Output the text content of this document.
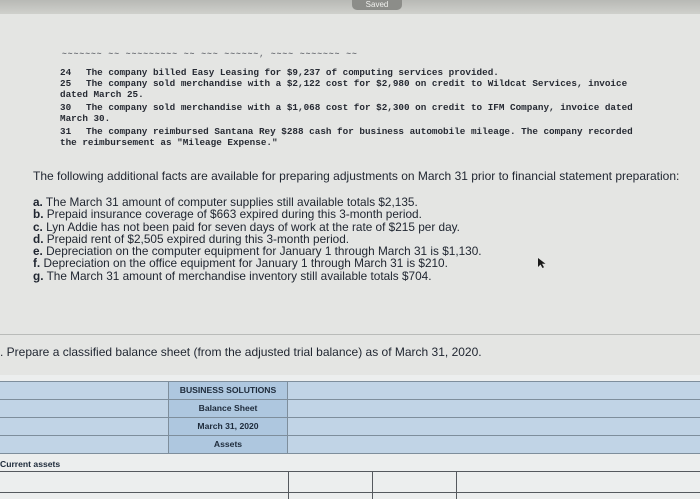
Saved
~~~~~~~ ~~ ~~~~~~~~~ ~~ ~~~ ~~~~~~, ~~~~ ~~~~~~~ ~~
24 The company billed Easy Leasing for $9,237 of computing services provided.
25 The company sold merchandise with a $2,122 cost for $2,980 on credit to Wildcat Services, invoice
dated March 25.
30 The company sold merchandise with a $1,068 cost for $2,300 on credit to IFM Company, invoice dated
March 30.
31 The company reimbursed Santana Rey $288 cash for business automobile mileage. The company recorded
the reimbursement as "Mileage Expense."
The following additional facts are available for preparing adjustments on March 31 prior to financial statement preparation:
a. The March 31 amount of computer supplies still available totals $2,135.
b. Prepaid insurance coverage of $663 expired during this 3-month period.
c. Lyn Addie has not been paid for seven days of work at the rate of $215 per day.
d. Prepaid rent of $2,505 expired during this 3-month period.
e. Depreciation on the computer equipment for January 1 through March 31 is $1,130.
f. Depreciation on the office equipment for January 1 through March 31 is $210.
g. The March 31 amount of merchandise inventory still available totals $704.
. Prepare a classified balance sheet (from the adjusted trial balance) as of March 31, 2020.
BUSINESS SOLUTIONS
Balance Sheet
March 31, 2020
Assets
Current assets
